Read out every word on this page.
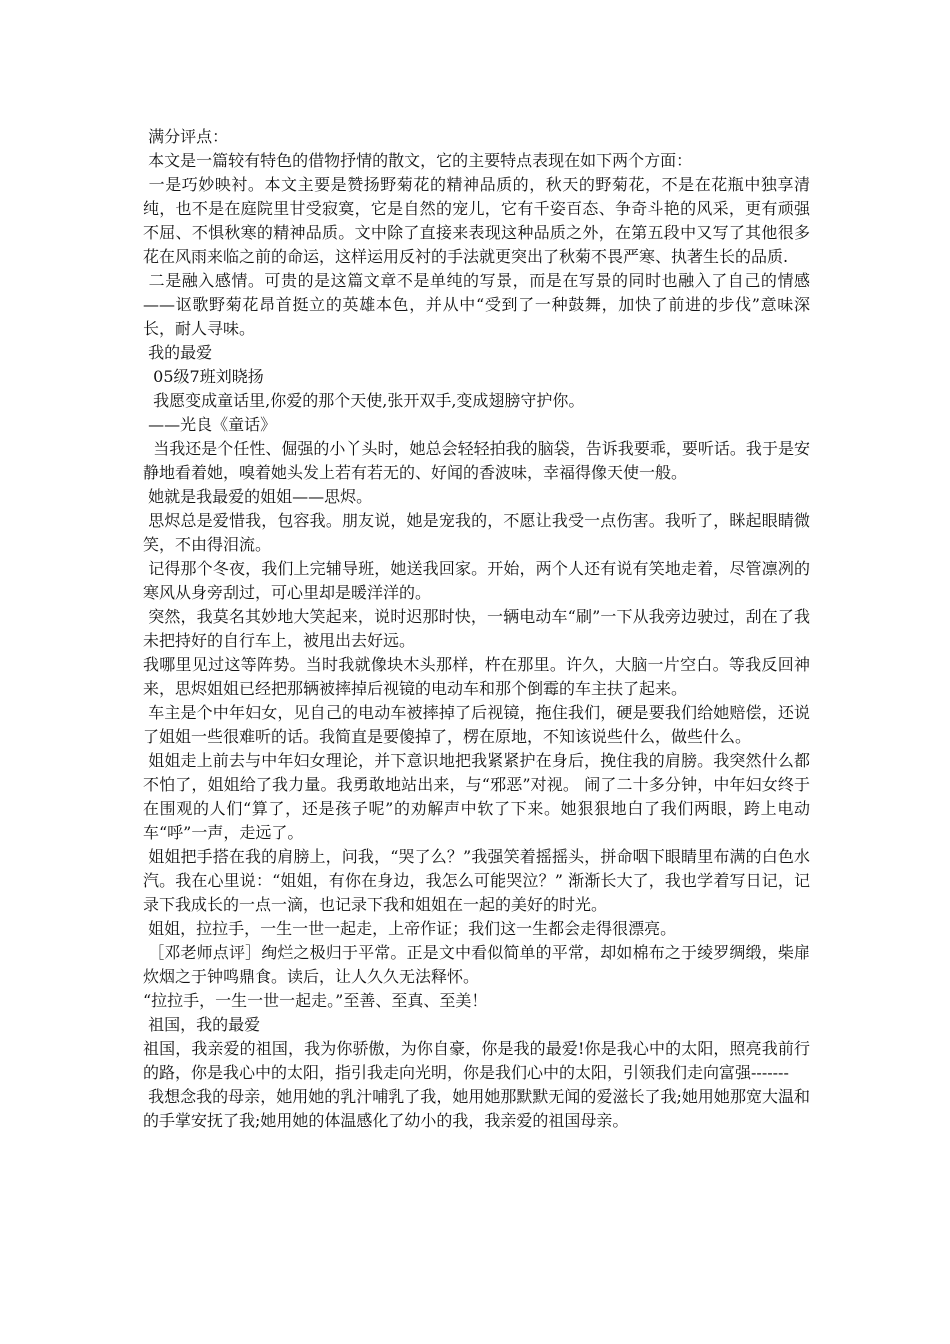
满分评点：

本文是一篇较有特色的借物抒情的散文，它的主要特点表现在如下两个方面：

一是巧妙映衬。本文主要是赞扬野菊花的精神品质的，秋天的野菊花，不是在花瓶中独享清纯，也不是在庭院里甘受寂寞，它是自然的宠儿，它有千姿百态、争奇斗艳的风采，更有顽强不屈、不惧秋寒的精神品质。文中除了直接来表现这种品质之外，在第五段中又写了其他很多花在风雨来临之前的命运，这样运用反衬的手法就更突出了秋菊不畏严寒、执著生长的品质.

二是融入感情。可贵的是这篇文章不是单纯的写景，而是在写景的同时也融入了自己的情感——讴歌野菊花昂首挺立的英雄本色，并从中“受到了一种鼓舞，加快了前进的步伐”意味深长，耐人寻味。

我的最爱

05级7班刘晓扬

我愿变成童话里,你爱的那个天使,张开双手,变成翅膀守护你。

——光良《童话》

当我还是个任性、倔强的小丫头时，她总会轻轻拍我的脑袋，告诉我要乖，要听话。我于是安静地看着她，嗅着她头发上若有若无的、好闻的香波味，幸福得像天使一般。

她就是我最爱的姐姐——思烬。

思烬总是爱惜我，包容我。朋友说，她是宠我的，不愿让我受一点伤害。我听了，眯起眼睛微笑，不由得泪流。

记得那个冬夜，我们上完辅导班，她送我回家。开始，两个人还有说有笑地走着，尽管凛冽的寒风从身旁刮过，可心里却是暖洋洋的。

突然，我莫名其妙地大笑起来，说时迟那时快，一辆电动车“刷”一下从我旁边驶过，刮在了我未把持好的自行车上，被甩出去好远。

我哪里见过这等阵势。当时我就像块木头那样，杵在那里。许久，大脑一片空白。等我反回神来，思烬姐姐已经把那辆被摔掉后视镜的电动车和那个倒霉的车主扶了起来。

车主是个中年妇女，见自己的电动车被摔掉了后视镜，拖住我们，硬是要我们给她赔偿，还说了姐姐一些很难听的话。我简直是要傻掉了，楞在原地，不知该说些什么，做些什么。

姐姐走上前去与中年妇女理论，并下意识地把我紧紧护在身后，挽住我的肩膀。我突然什么都不怕了，姐姐给了我力量。我勇敢地站出来，与“邪恶”对视。 闹了二十多分钟，中年妇女终于在围观的人们“算了，还是孩子呢”的劝解声中软了下来。她狠狠地白了我们两眼，跨上电动车“呼”一声，走远了。

姐姐把手搭在我的肩膀上，问我，“哭了么？”我强笑着摇摇头，拼命咽下眼睛里布满的白色水汽。我在心里说：“姐姐，有你在身边，我怎么可能哭泣？” 渐渐长大了，我也学着写日记，记录下我成长的一点一滴，也记录下我和姐姐在一起的美好的时光。

姐姐，拉拉手，一生一世一起走，上帝作证；我们这一生都会走得很漂亮。

［邓老师点评］绚烂之极归于平常。正是文中看似简单的平常，却如棉布之于绫罗绸缎，柴扉炊烟之于钟鸣鼎食。读后，让人久久无法释怀。

“拉拉手，一生一世一起走。”至善、至真、至美！

祖国，我的最爱

祖国，我亲爱的祖国，我为你骄傲，为你自豪，你是我的最爱!你是我心中的太阳，照亮我前行的路，你是我心中的太阳，指引我走向光明，你是我们心中的太阳，引领我们走向富强-------

我想念我的母亲，她用她的乳汁哺乳了我，她用她那默默无闻的爱滋长了我;她用她那宽大温和的手掌安抚了我;她用她的体温感化了幼小的我，我亲爱的祖国母亲。
